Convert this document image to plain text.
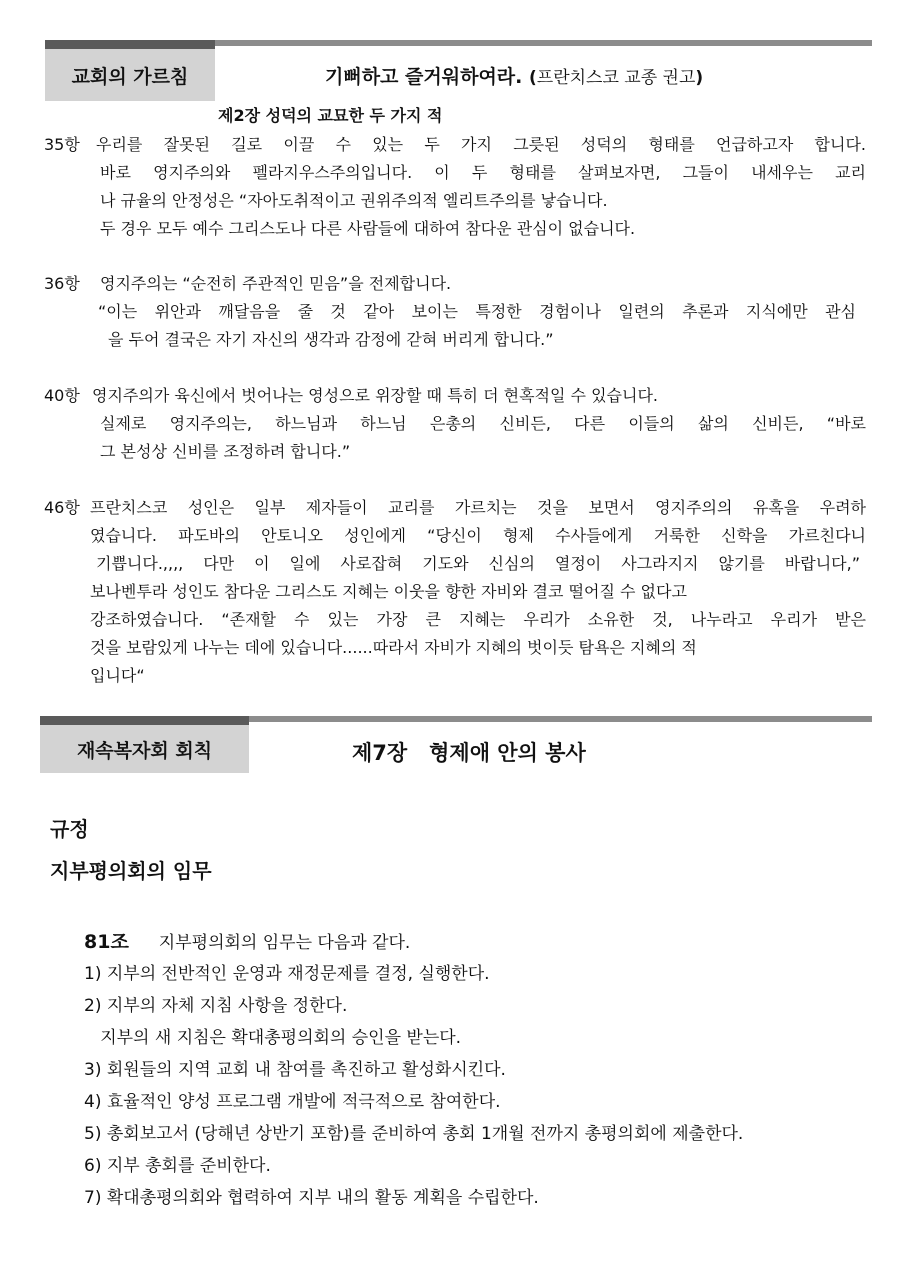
교회의 가르침	기뻐하고 즐거워하여라. (프란치스코 교종 권고)
제2장 성덕의 교묘한 두 가지 적
35항 우리를 잘못된 길로 이끌 수 있는 두 가지 그릇된 성덕의 형태를 언급하고자 합니다.
바로 영지주의와 펠라지우스주의입니다. 이 두 형태를 살펴보자면, 그들이 내세우는 교리
나 규율의 안정성은 “자아도취적이고 권위주의적 엘리트주의를 낳습니다.
두 경우 모두 예수 그리스도나 다른 사람들에 대하여 참다운 관심이 없습니다.
36항 영지주의는 “순전히 주관적인 믿음”을 전제합니다.
“이는 위안과 깨달음을 줄 것 같아 보이는 특정한 경험이나 일련의 추론과 지식에만 관심
을 두어 결국은 자기 자신의 생각과 감정에 갇혀 버리게 합니다.”
40항 영지주의가 육신에서 벗어나는 영성으로 위장할 때 특히 더 현혹적일 수 있습니다.
실제로 영지주의는, 하느님과 하느님 은총의 신비든, 다른 이들의 삶의 신비든, “바로
그 본성상 신비를 조정하려 합니다.”
46항 프란치스코 성인은 일부 제자들이 교리를 가르치는 것을 보면서 영지주의의 유혹을 우려하
였습니다. 파도바의 안토니오 성인에게 “당신이 형제 수사들에게 거룩한 신학을 가르친다니
기쁩니다.,,,, 다만 이 일에 사로잡혀 기도와 신심의 열정이 사그라지지 않기를 바랍니다,”
보나벤투라 성인도 참다운 그리스도 지혜는 이웃을 향한 자비와 결코 떨어질 수 없다고
강조하였습니다. “존재할 수 있는 가장 큰 지혜는 우리가 소유한 것, 나누라고 우리가 받은
것을 보람있게 나누는 데에 있습니다......따라서 자비가 지혜의 벗이듯 탐욕은 지혜의 적
입니다“
재속복자회 회칙	제7장   형제애 안의 봉사
규정
지부평의회의 임무
81조 지부평의회의 임무는 다음과 같다.
1) 지부의 전반적인 운영과 재정문제를 결정, 실행한다.
2) 지부의 자체 지침 사항을 정한다.
지부의 새 지침은 확대총평의회의 승인을 받는다.
3) 회원들의 지역 교회 내 참여를 촉진하고 활성화시킨다.
4) 효율적인 양성 프로그램 개발에 적극적으로 참여한다.
5) 총회보고서 (당해년 상반기 포함)를 준비하여 총회 1개월 전까지 총평의회에 제출한다.
6) 지부 총회를 준비한다.
7) 확대총평의회와 협력하여 지부 내의 활동 계획을 수립한다.
